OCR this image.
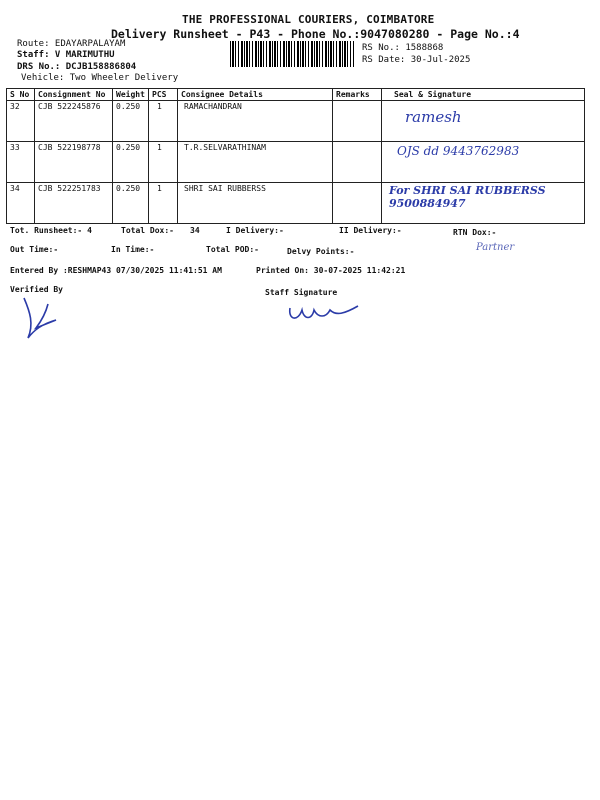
THE PROFESSIONAL COURIERS, COIMBATORE
Delivery Runsheet - P43 - Phone No.:9047080280 - Page No.:4
Route: EDAYARPALAYAM
Staff: V MARIMUTHU
DRS No.: DCJB158886804
Vehicle: Two Wheeler Delivery
RS No.: 1588868
RS Date: 30-Jul-2025
S No	Consignment No	Weight	PCS	Consignee Details	Remarks	Seal & Signature
32	CJB 522245876	0.250	1	RAMACHANDRAN		ramesh

33	CJB 522198778	0.250	1	T.R.SELVARATHINAM		OJS dd 9443762983

34	CJB 522251783	0.250	1	SHRI SAI RUBBERSS		For SHRI SAI RUBBERSS 9500884947
Tot. Runsheet:- 4	Total Dox:- 34	I Delivery:-	II Delivery:-	RTN Dox:-
Partner
Out Time:-	In Time:-	Total POD:-	Delvy Points:-
Entered By :RESHMAP43 07/30/2025 11:41:51 AM	Printed On: 30-07-2025 11:42:21
Verified By	Staff Signature
